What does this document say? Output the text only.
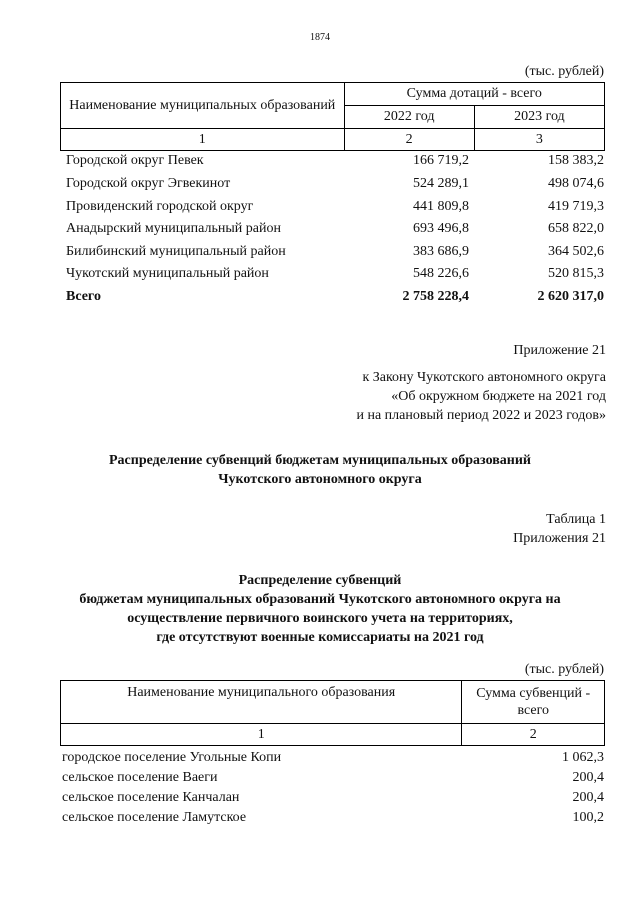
1874
(тыс. рублей)
Наименование муниципальных образований	Сумма дотаций - всего	
	2022 год	2023 год
1	2	3
Городской округ Певек	166 719,2	158 383,2
Городской округ Эгвекинот	524 289,1	498 074,6
Провиденский городской округ	441 809,8	419 719,3
Анадырский муниципальный район	693 496,8	658 822,0
Билибинский муниципальный район	383 686,9	364 502,6
Чукотский муниципальный район	548 226,6	520 815,3
Всего	2 758 228,4	2 620 317,0
Приложение 21
к Закону Чукотского автономного округа
«Об окружном бюджете на 2021 год
и на плановый период 2022 и 2023 годов»
Распределение субвенций бюджетам муниципальных образований
Чукотского автономного округа
Таблица 1
Приложения 21
Распределение субвенций
бюджетам муниципальных образований Чукотского автономного округа на
осуществление первичного воинского учета на территориях,
где отсутствуют военные комиссариаты на 2021 год
(тыс. рублей)
Наименование муниципального образования	Сумма субвенций - всего
1	2
городское поселение Угольные Копи	1 062,3
сельское поселение Ваеги	200,4
сельское поселение Канчалан	200,4
сельское поселение Ламутское	100,2
